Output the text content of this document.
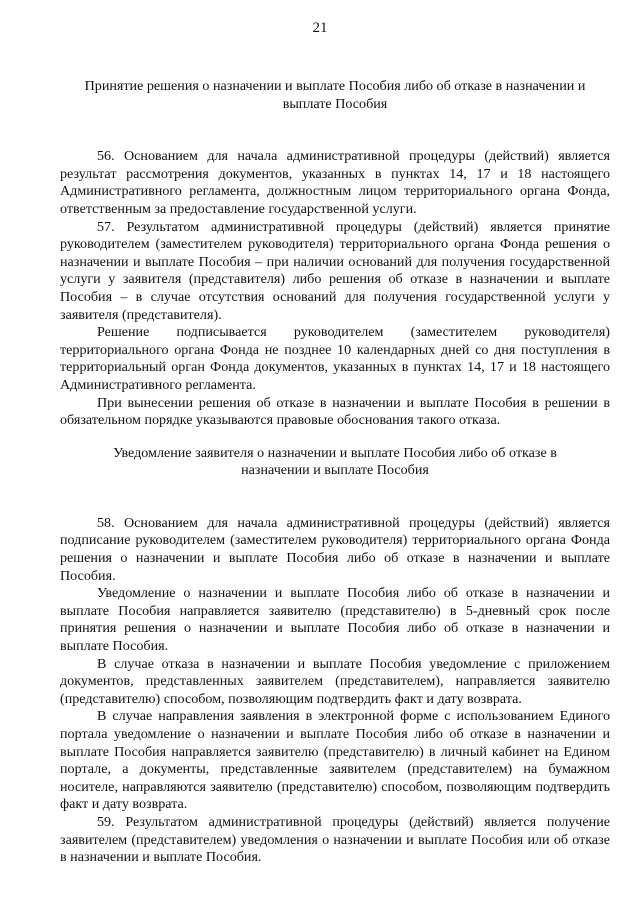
21
Принятие решения о назначении и выплате Пособия либо об отказе в назначении и
выплате Пособия

56. Основанием для начала административной процедуры (действий) является результат рассмотрения документов, указанных в пунктах 14, 17 и 18 настоящего Административного регламента, должностным лицом территориального органа Фонда, ответственным за предоставление государственной услуги.

57. Результатом административной процедуры (действий) является принятие руководителем (заместителем руководителя) территориального органа Фонда решения о назначении и выплате Пособия – при наличии оснований для получения государственной услуги у заявителя (представителя) либо решения об отказе в назначении и выплате Пособия – в случае отсутствия оснований для получения государственной услуги у заявителя (представителя).

Решение подписывается руководителем (заместителем руководителя) территориального органа Фонда не позднее 10 календарных дней со дня поступления в территориальный орган Фонда документов, указанных в пунктах 14, 17 и 18 настоящего Административного регламента.

При вынесении решения об отказе в назначении и выплате Пособия в решении в обязательном порядке указываются правовые обоснования такого отказа.

Уведомление заявителя о назначении и выплате Пособия либо об отказе в
назначении и выплате Пособия

58. Основанием для начала административной процедуры (действий) является подписание руководителем (заместителем руководителя) территориального органа Фонда решения о назначении и выплате Пособия либо об отказе в назначении и выплате Пособия.

Уведомление о назначении и выплате Пособия либо об отказе в назначении и выплате Пособия направляется заявителю (представителю) в 5-дневный срок после принятия решения о назначении и выплате Пособия либо об отказе в назначении и выплате Пособия.

В случае отказа в назначении и выплате Пособия уведомление с приложением документов, представленных заявителем (представителем), направляется заявителю (представителю) способом, позволяющим подтвердить факт и дату возврата.

В случае направления заявления в электронной форме с использованием Единого портала уведомление о назначении и выплате Пособия либо об отказе в назначении и выплате Пособия направляется заявителю (представителю) в личный кабинет на Едином портале, а документы, представленные заявителем (представителем) на бумажном носителе, направляются заявителю (представителю) способом, позволяющим подтвердить факт и дату возврата.

59. Результатом административной процедуры (действий) является получение заявителем (представителем) уведомления о назначении и выплате Пособия или об отказе в назначении и выплате Пособия.
